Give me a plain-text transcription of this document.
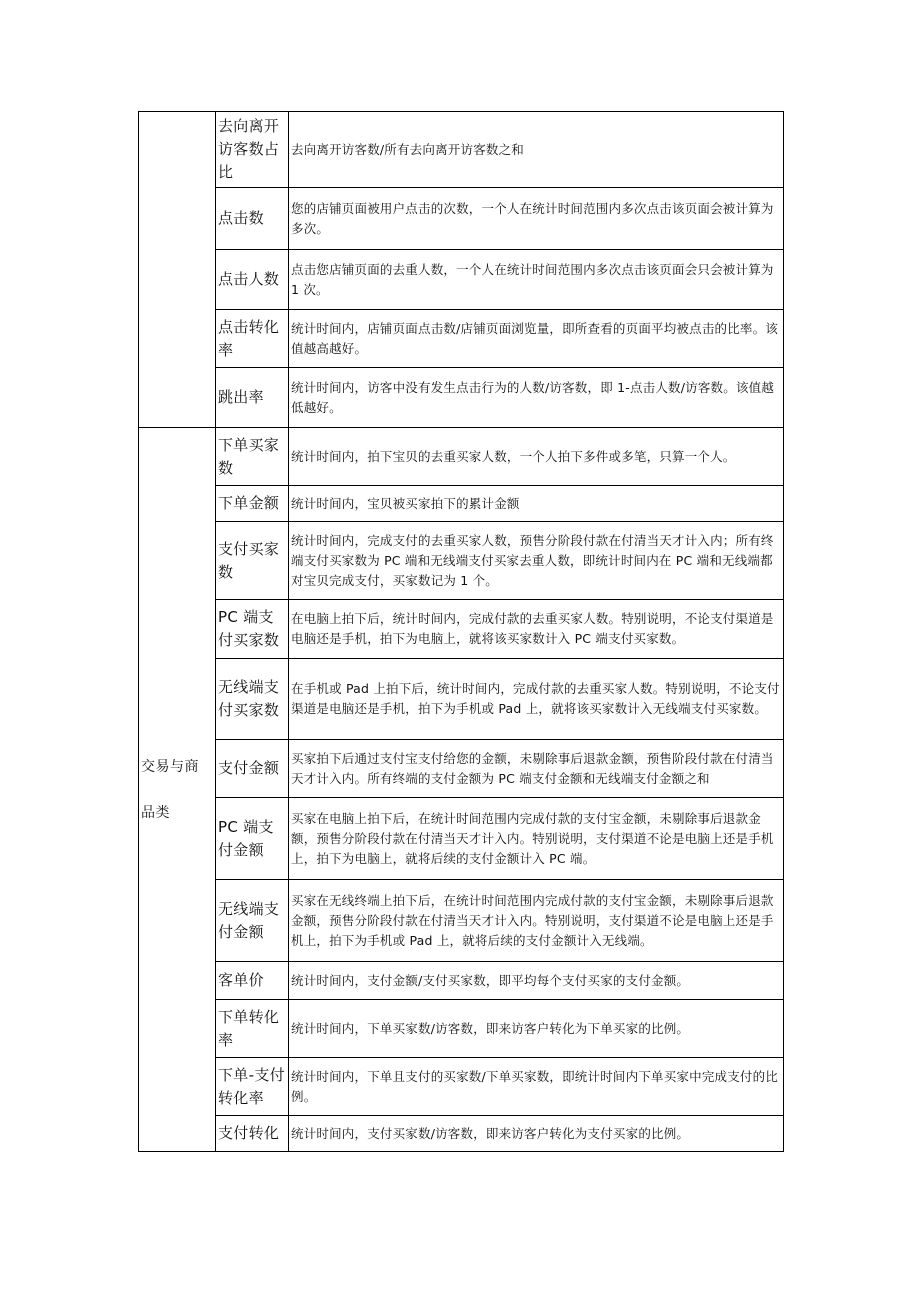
	去向离开访客数占比	去向离开访客数/所有去向离开访客数之和
	点击数	您的店铺页面被用户点击的次数，一个人在统计时间范围内多次点击该页面会被计算为多次。
	点击人数	点击您店铺页面的去重人数，一个人在统计时间范围内多次点击该页面会只会被计算为 1 次。
	点击转化率	统计时间内，店铺页面点击数/店铺页面浏览量，即所查看的页面平均被点击的比率。该值越高越好。
	跳出率	统计时间内，访客中没有发生点击行为的人数/访客数，即 1-点击人数/访客数。该值越低越好。
交易与商品类	下单买家数	统计时间内，拍下宝贝的去重买家人数，一个人拍下多件或多笔，只算一个人。
	下单金额	统计时间内，宝贝被买家拍下的累计金额
	支付买家数	统计时间内，完成支付的去重买家人数，预售分阶段付款在付清当天才计入内；所有终端支付买家数为 PC 端和无线端支付买家去重人数，即统计时间内在 PC 端和无线端都对宝贝完成支付，买家数记为 1 个。
	PC 端支付买家数	在电脑上拍下后，统计时间内，完成付款的去重买家人数。特别说明，不论支付渠道是电脑还是手机，拍下为电脑上，就将该买家数计入 PC 端支付买家数。
	无线端支付买家数	在手机或 Pad 上拍下后，统计时间内，完成付款的去重买家人数。特别说明，不论支付渠道是电脑还是手机，拍下为手机或 Pad 上，就将该买家数计入无线端支付买家数。
	支付金额	买家拍下后通过支付宝支付给您的金额，未剔除事后退款金额，预售阶段付款在付清当天才计入内。所有终端的支付金额为 PC 端支付金额和无线端支付金额之和
	PC 端支付金额	买家在电脑上拍下后，在统计时间范围内完成付款的支付宝金额，未剔除事后退款金额，预售分阶段付款在付清当天才计入内。特别说明，支付渠道不论是电脑上还是手机上，拍下为电脑上，就将后续的支付金额计入 PC 端。
	无线端支付金额	买家在无线终端上拍下后，在统计时间范围内完成付款的支付宝金额，未剔除事后退款金额，预售分阶段付款在付清当天才计入内。特别说明，支付渠道不论是电脑上还是手机上，拍下为手机或 Pad 上，就将后续的支付金额计入无线端。
	客单价	统计时间内，支付金额/支付买家数，即平均每个支付买家的支付金额。
	下单转化率	统计时间内，下单买家数/访客数，即来访客户转化为下单买家的比例。
	下单-支付转化率	统计时间内，下单且支付的买家数/下单买家数，即统计时间内下单买家中完成支付的比例。
	支付转化	统计时间内，支付买家数/访客数，即来访客户转化为支付买家的比例。
